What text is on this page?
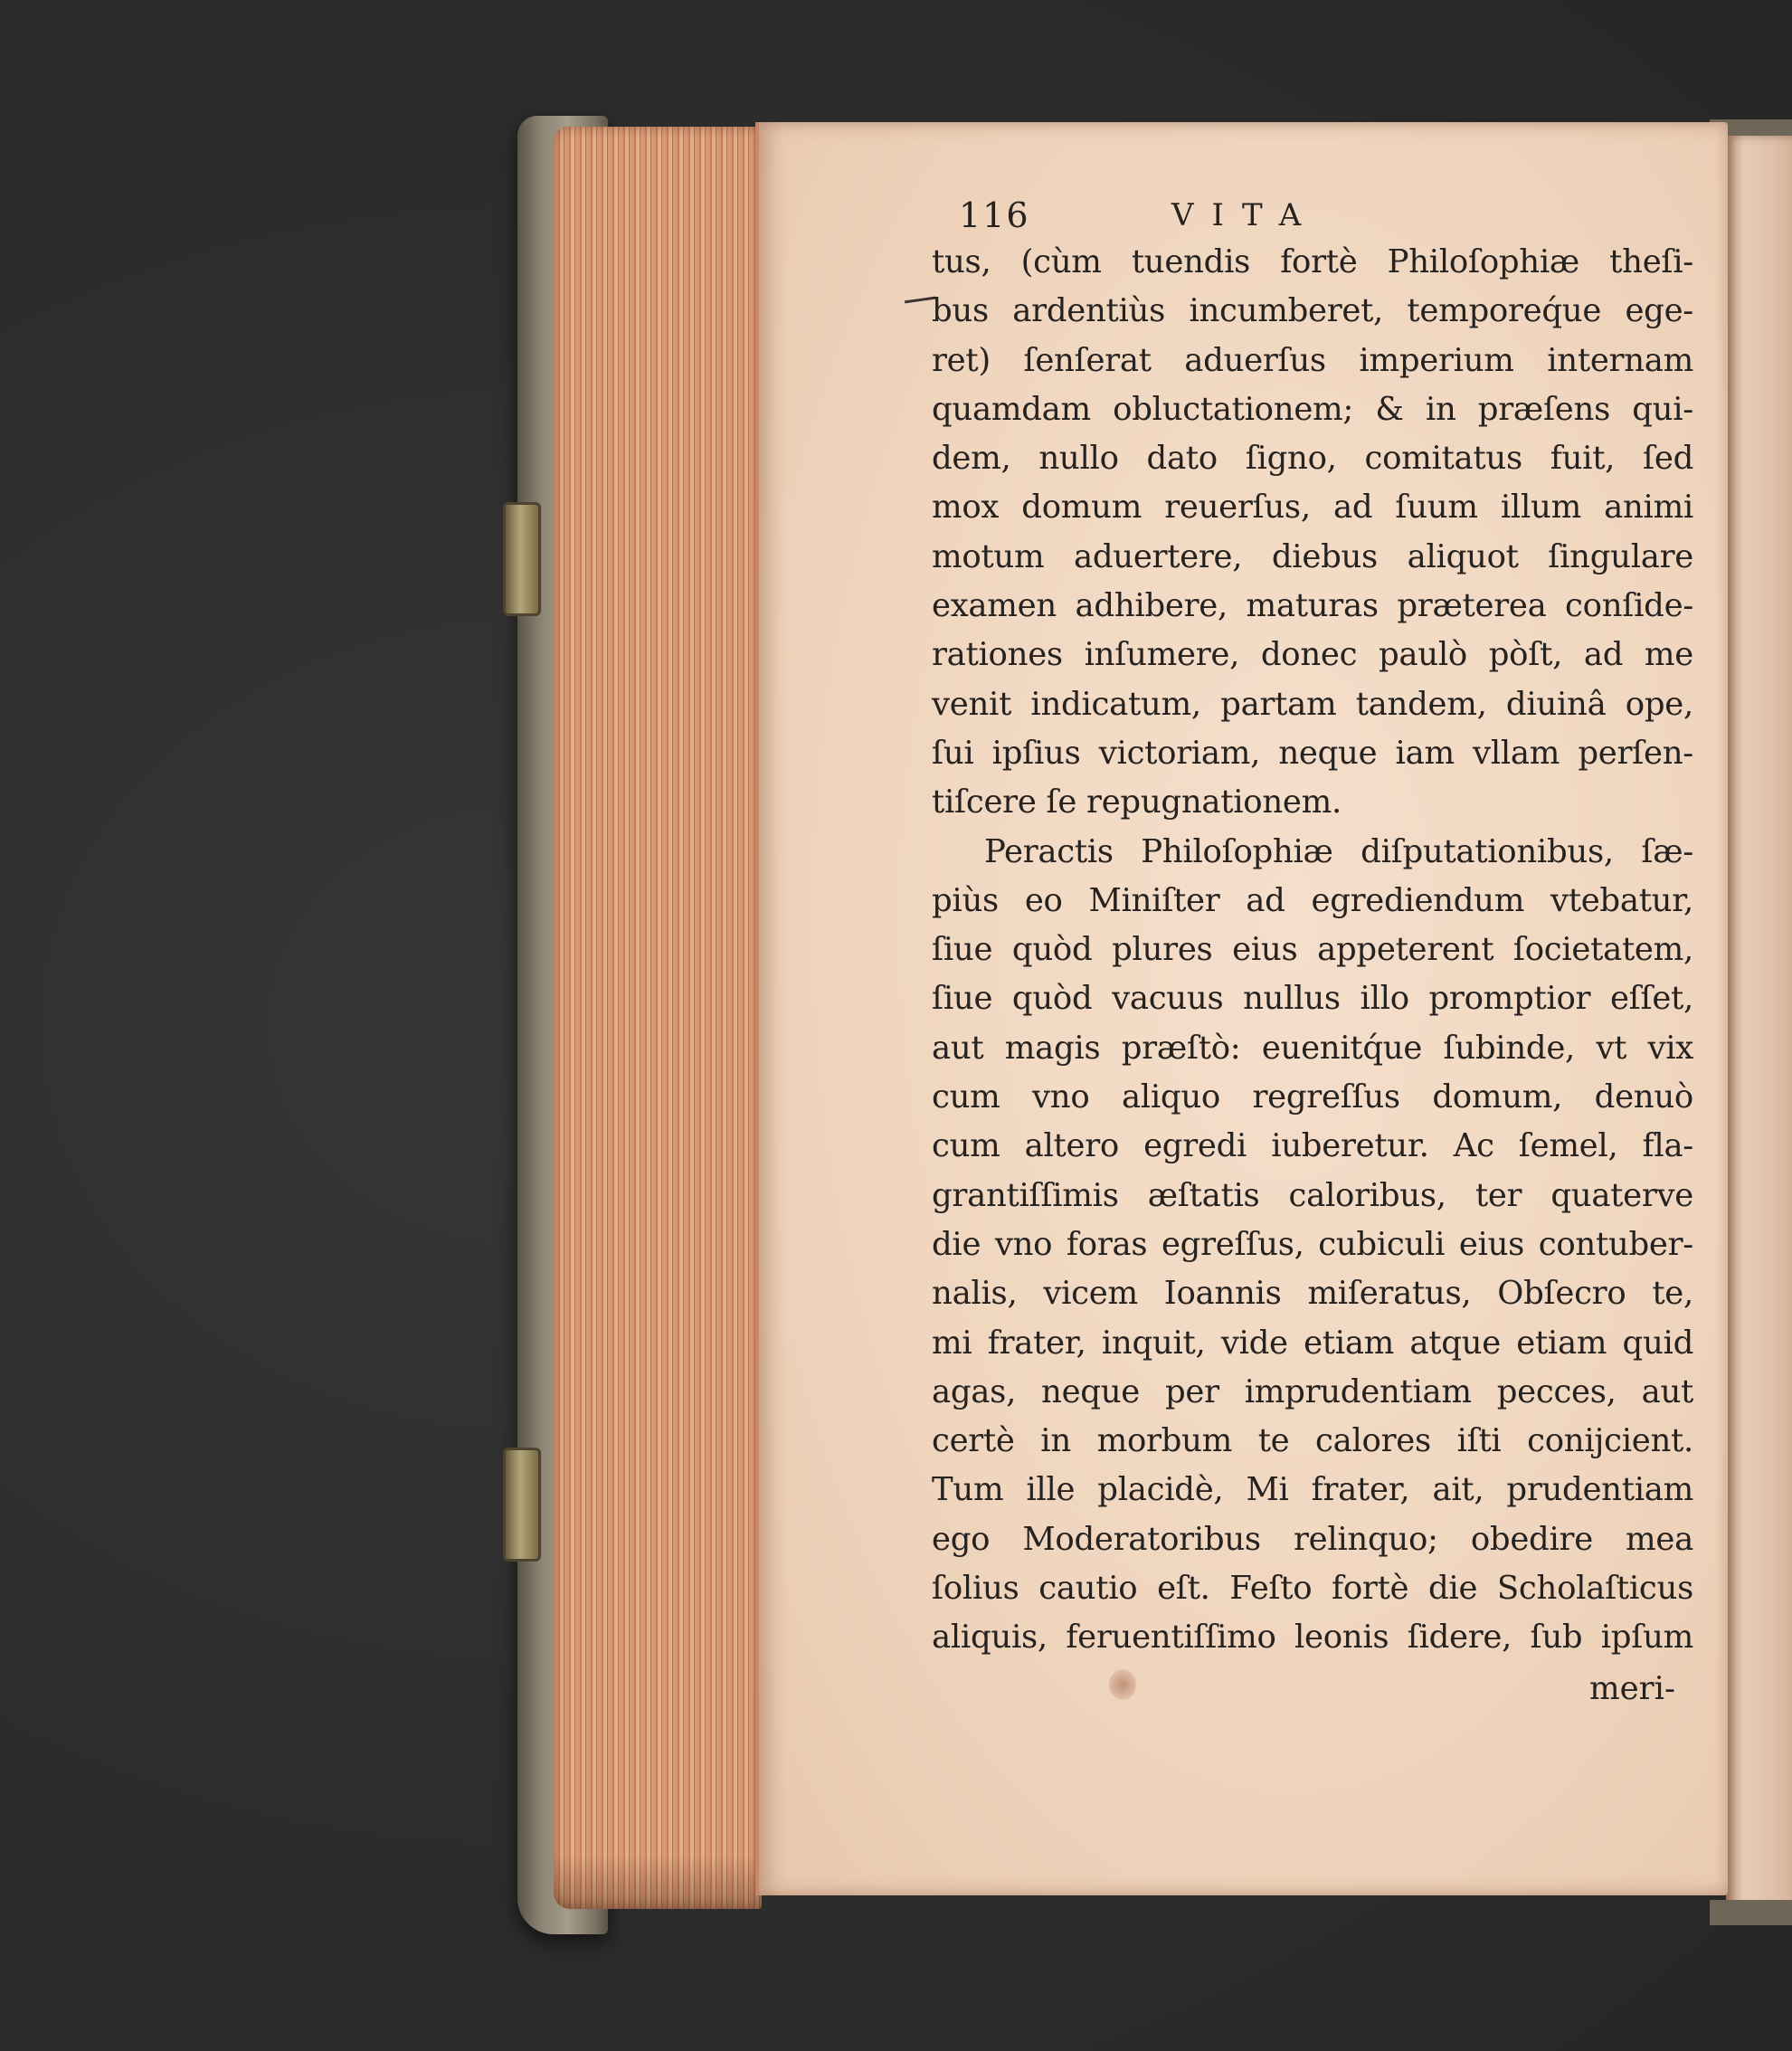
116	VITA
tus, (cùm tuendis fortè Philoſophiæ theſi-
bus ardentiùs incumberet, temporeq́ue ege-
ret) ſenſerat aduerſus imperium internam
quamdam obluctationem; & in præſens qui-
dem, nullo dato ſigno, comitatus fuit, ſed
mox domum reuerſus, ad ſuum illum animi
motum aduertere, diebus aliquot ſingulare
examen adhibere, maturas præterea conſide-
rationes inſumere, donec paulò pòſt, ad me
venit indicatum, partam tandem, diuinâ ope,
ſui ipſius victoriam, neque iam vllam perſen-
tiſcere ſe repugnationem.
Peractis Philoſophiæ diſputationibus, ſæ-
piùs eo Miniſter ad egrediendum vtebatur,
ſiue quòd plures eius appeterent ſocietatem,
ſiue quòd vacuus nullus illo promptior eſſet,
aut magis præſtò: euenitq́ue ſubinde, vt vix
cum vno aliquo regreſſus domum, denuò
cum altero egredi iuberetur. Ac ſemel, fla-
grantiſſimis æſtatis caloribus, ter quaterve
die vno foras egreſſus, cubiculi eius contuber-
nalis, vicem Ioannis miſeratus, Obſecro te,
mi frater, inquit, vide etiam atque etiam quid
agas, neque per imprudentiam pecces, aut
certè in morbum te calores iſti conijcient.
Tum ille placidè, Mi frater, ait, prudentiam
ego Moderatoribus relinquo; obedire mea
ſolius cautio eſt. Feſto fortè die Scholaſticus
aliquis, feruentiſſimo leonis ſidere, ſub ipſum
meri-
